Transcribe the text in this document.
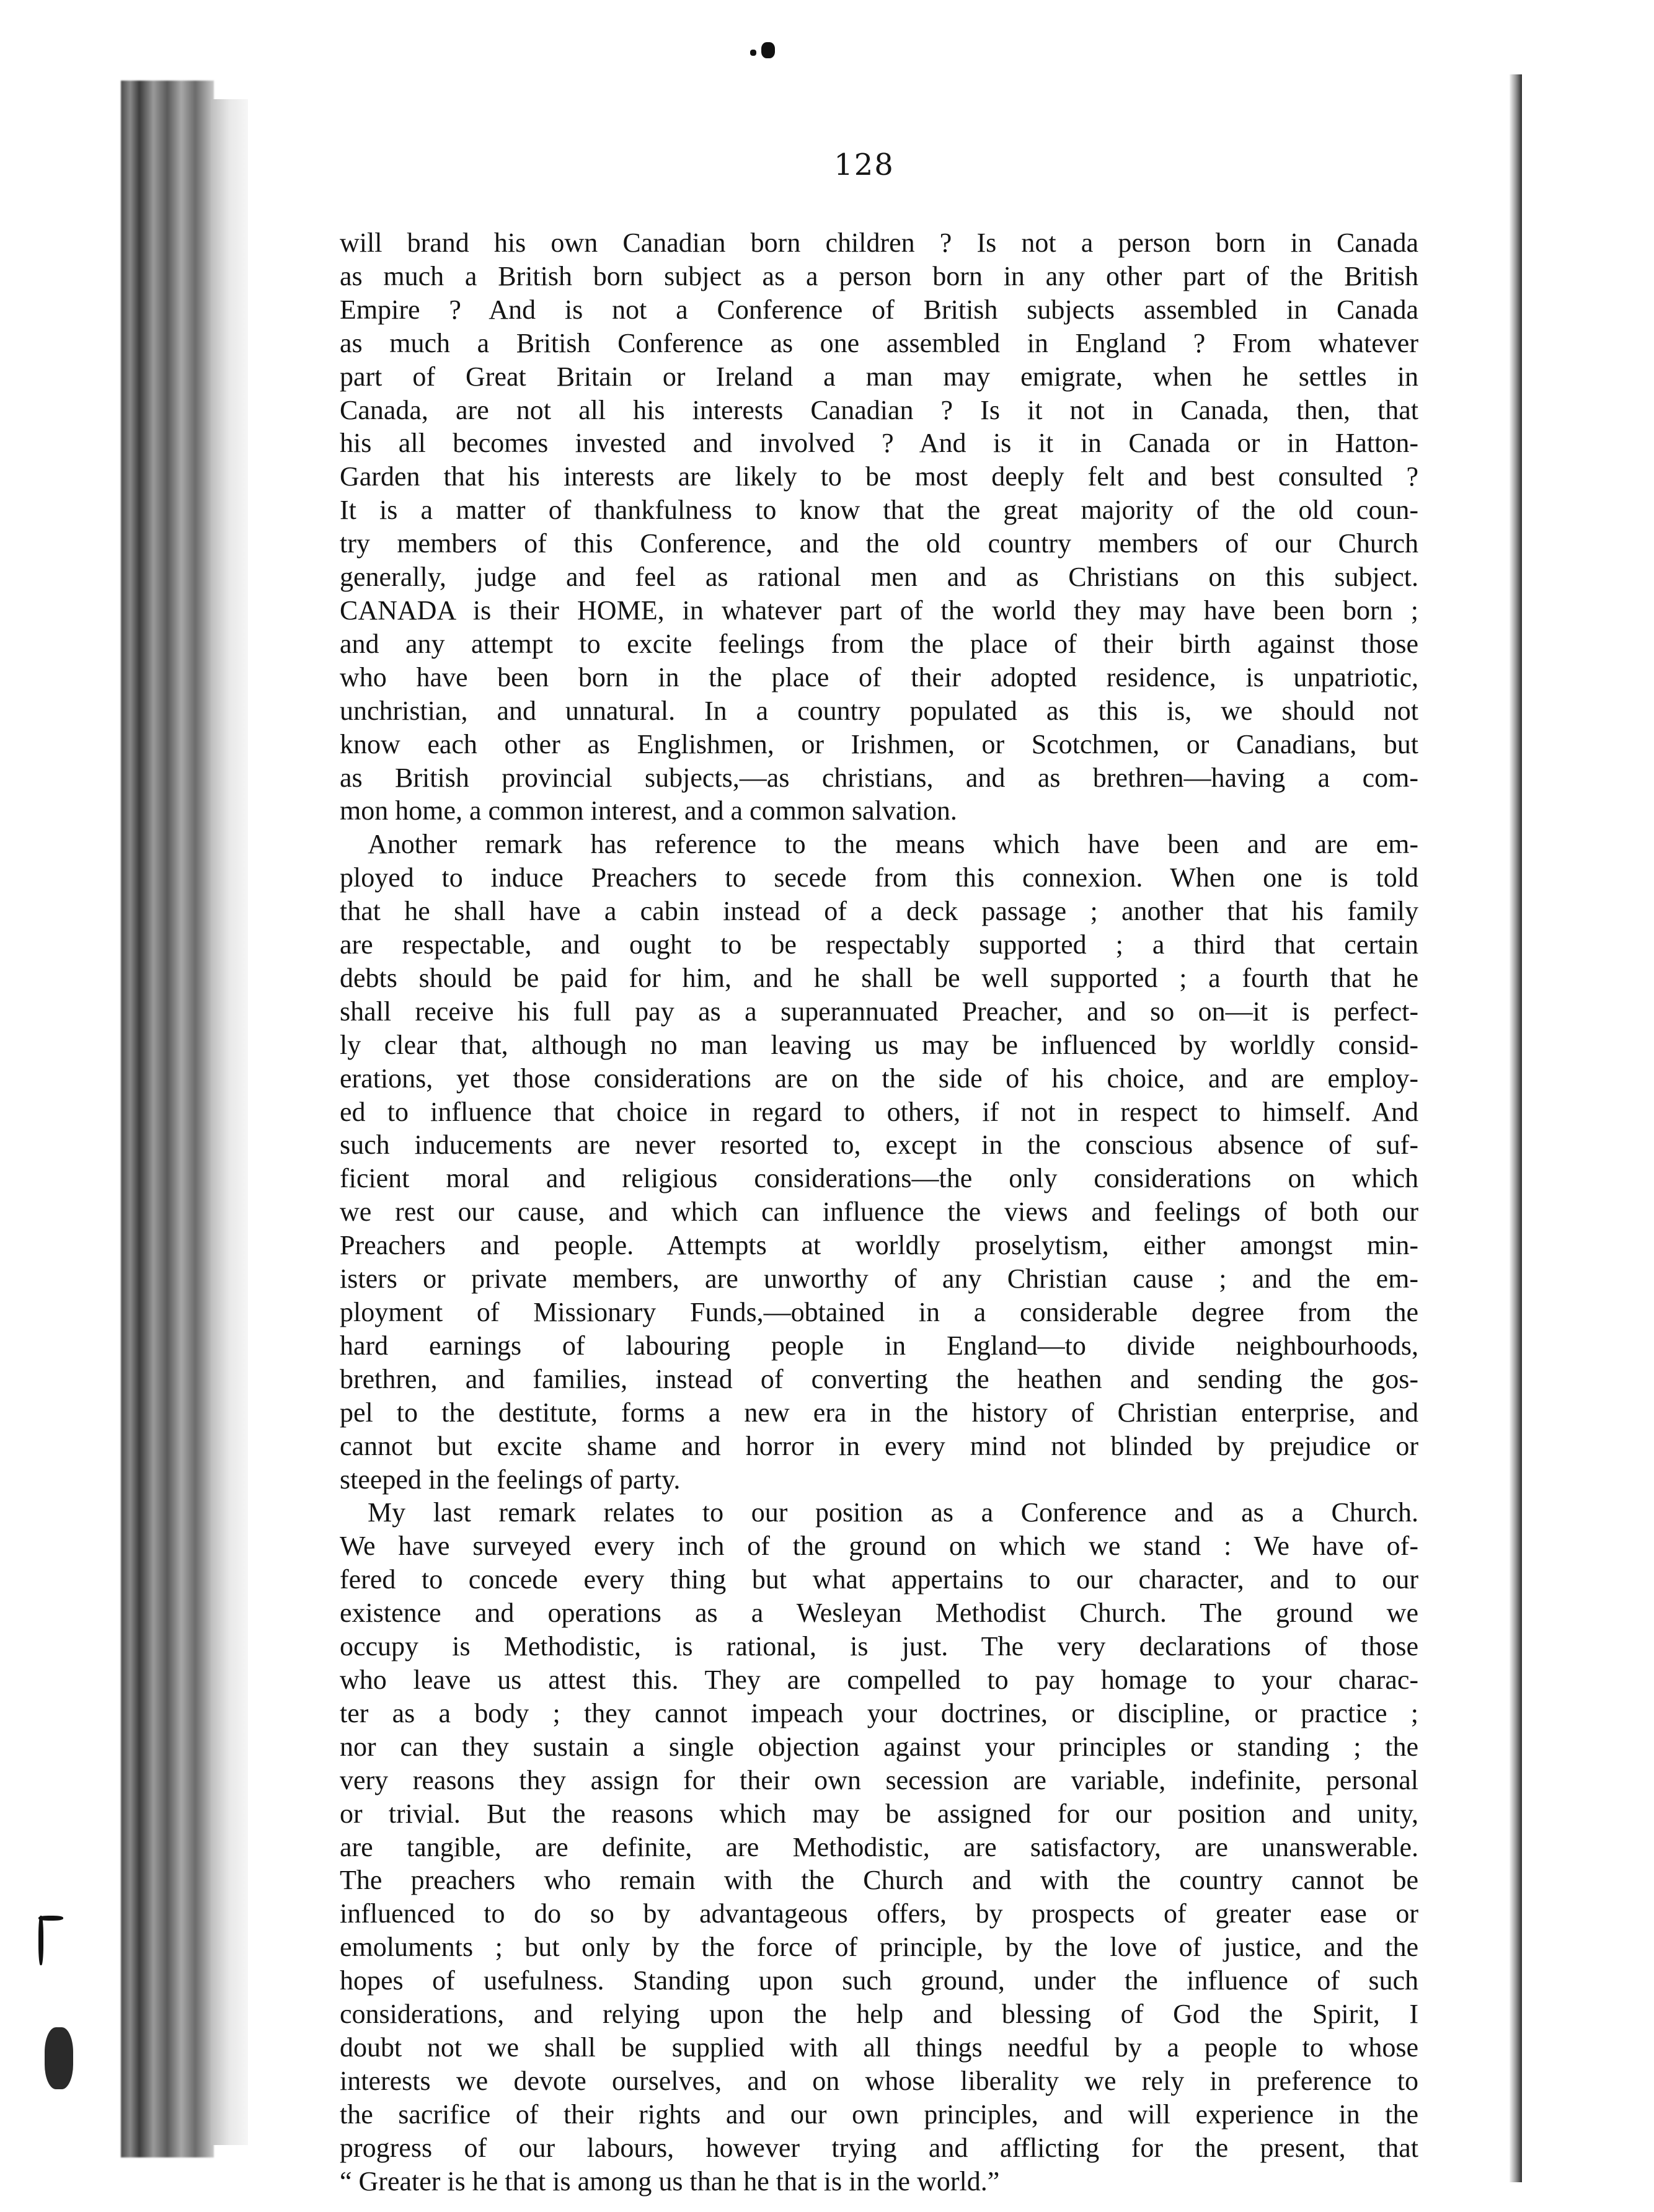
128

will brand his own Canadian born children ? Is not a person born in Canada
as much a British born subject as a person born in any other part of the British
Empire ? And is not a Conference of British subjects assembled in Canada
as much a British Conference as one assembled in England ? From whatever
part of Great Britain or Ireland a man may emigrate, when he settles in
Canada, are not all his interests Canadian ? Is it not in Canada, then, that
his all becomes invested and involved ? And is it in Canada or in Hatton-
Garden that his interests are likely to be most deeply felt and best consulted ?
It is a matter of thankfulness to know that the great majority of the old coun-
try members of this Conference, and the old country members of our Church
generally, judge and feel as rational men and as Christians on this subject.
CANADA is their HOME, in whatever part of the world they may have been born ;
and any attempt to excite feelings from the place of their birth against those
who have been born in the place of their adopted residence, is unpatriotic,
unchristian, and unnatural. In a country populated as this is, we should not
know each other as Englishmen, or Irishmen, or Scotchmen, or Canadians, but
as British provincial subjects,—as christians, and as brethren—having a com-
mon home, a common interest, and a common salvation.

Another remark has reference to the means which have been and are em-
ployed to induce Preachers to secede from this connexion. When one is told
that he shall have a cabin instead of a deck passage ; another that his family
are respectable, and ought to be respectably supported ; a third that certain
debts should be paid for him, and he shall be well supported ; a fourth that he
shall receive his full pay as a superannuated Preacher, and so on—it is perfect-
ly clear that, although no man leaving us may be influenced by worldly consid-
erations, yet those considerations are on the side of his choice, and are employ-
ed to influence that choice in regard to others, if not in respect to himself. And
such inducements are never resorted to, except in the conscious absence of suf-
ficient moral and religious considerations—the only considerations on which
we rest our cause, and which can influence the views and feelings of both our
Preachers and people. Attempts at worldly proselytism, either amongst min-
isters or private members, are unworthy of any Christian cause ; and the em-
ployment of Missionary Funds,—obtained in a considerable degree from the
hard earnings of labouring people in England—to divide neighbourhoods,
brethren, and families, instead of converting the heathen and sending the gos-
pel to the destitute, forms a new era in the history of Christian enterprise, and
cannot but excite shame and horror in every mind not blinded by prejudice or
steeped in the feelings of party.

My last remark relates to our position as a Conference and as a Church.
We have surveyed every inch of the ground on which we stand : We have of-
fered to concede every thing but what appertains to our character, and to our
existence and operations as a Wesleyan Methodist Church. The ground we
occupy is Methodistic, is rational, is just. The very declarations of those
who leave us attest this. They are compelled to pay homage to your charac-
ter as a body ; they cannot impeach your doctrines, or discipline, or practice ;
nor can they sustain a single objection against your principles or standing ; the
very reasons they assign for their own secession are variable, indefinite, personal
or trivial. But the reasons which may be assigned for our position and unity,
are tangible, are definite, are Methodistic, are satisfactory, are unanswerable.
The preachers who remain with the Church and with the country cannot be
influenced to do so by advantageous offers, by prospects of greater ease or
emoluments ; but only by the force of principle, by the love of justice, and the
hopes of usefulness. Standing upon such ground, under the influence of such
considerations, and relying upon the help and blessing of God the Spirit, I
doubt not we shall be supplied with all things needful by a people to whose
interests we devote ourselves, and on whose liberality we rely in preference to
the sacrifice of their rights and our own principles, and will experience in the
progress of our labours, however trying and afflicting for the present, that
“ Greater is he that is among us than he that is in the world.”
